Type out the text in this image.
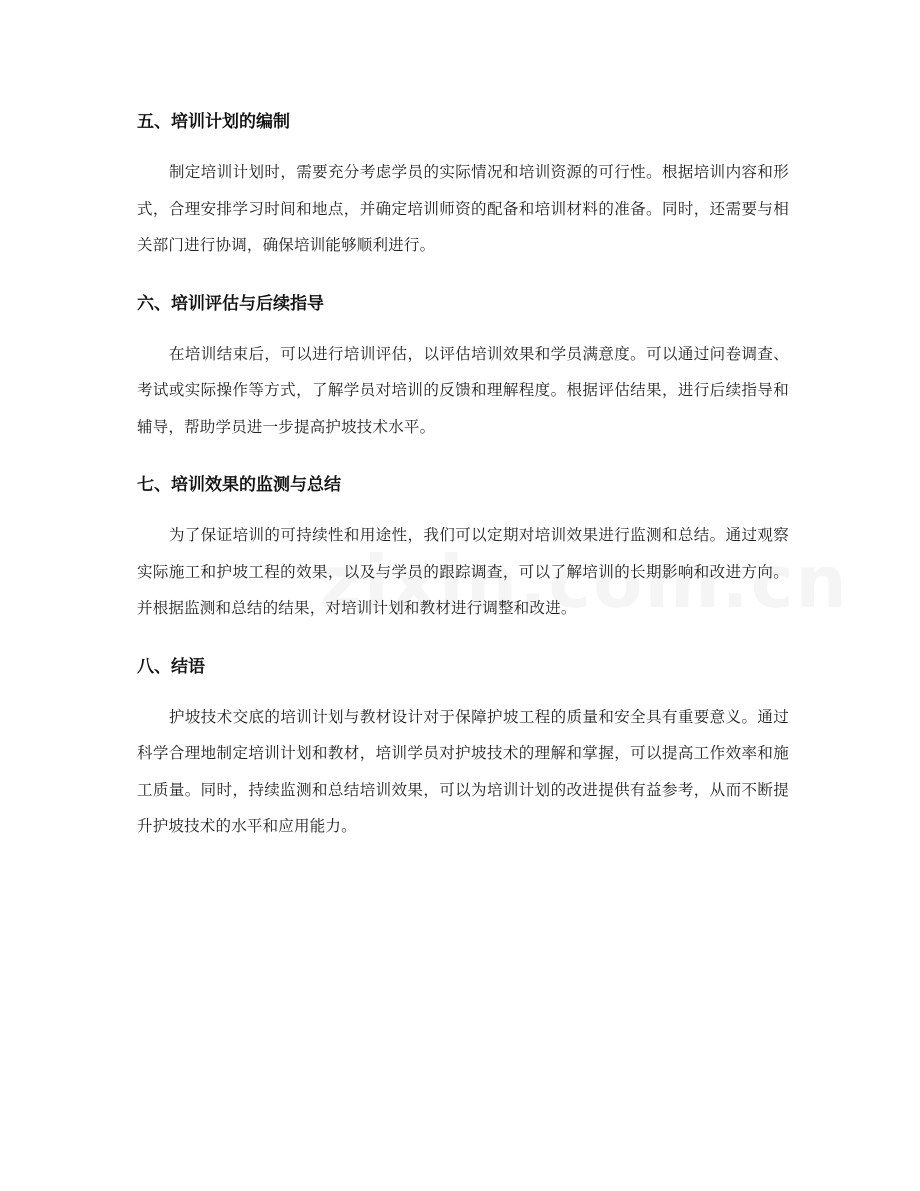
五、培训计划的编制

制定培训计划时，需要充分考虑学员的实际情况和培训资源的可行性。根据培训内容和形式，合理安排学习时间和地点，并确定培训师资的配备和培训材料的准备。同时，还需要与相关部门进行协调，确保培训能够顺利进行。

六、培训评估与后续指导

在培训结束后，可以进行培训评估，以评估培训效果和学员满意度。可以通过问卷调查、考试或实际操作等方式，了解学员对培训的反馈和理解程度。根据评估结果，进行后续指导和辅导，帮助学员进一步提高护坡技术水平。

七、培训效果的监测与总结

为了保证培训的可持续性和用途性，我们可以定期对培训效果进行监测和总结。通过观察实际施工和护坡工程的效果，以及与学员的跟踪调查，可以了解培训的长期影响和改进方向。并根据监测和总结的结果，对培训计划和教材进行调整和改进。

八、结语

护坡技术交底的培训计划与教材设计对于保障护坡工程的质量和安全具有重要意义。通过科学合理地制定培训计划和教材，培训学员对护坡技术的理解和掌握，可以提高工作效率和施工质量。同时，持续监测和总结培训效果，可以为培训计划的改进提供有益参考，从而不断提升护坡技术的水平和应用能力。
